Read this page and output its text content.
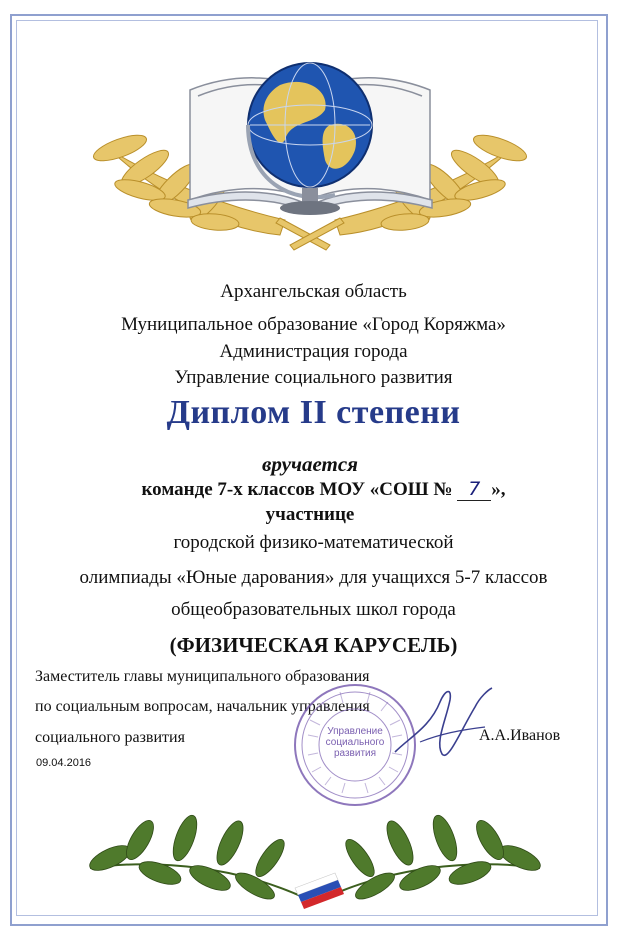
Архангельская область
Муниципальное образование «Город Коряжма»
Администрация города
Управление социального развития
Диплом II степени
вручается
команде 7-х классов МОУ «СОШ № 7 »,
участнице
городской физико-математической
олимпиады «Юные дарования» для учащихся 5-7 классов
общеобразовательных школ города
(ФИЗИЧЕСКАЯ КАРУСЕЛЬ)
Заместитель главы муниципального образования
по социальным вопросам, начальник управления
социального развития	А.А.Иванов
09.04.2016
Управление
социального
развития
